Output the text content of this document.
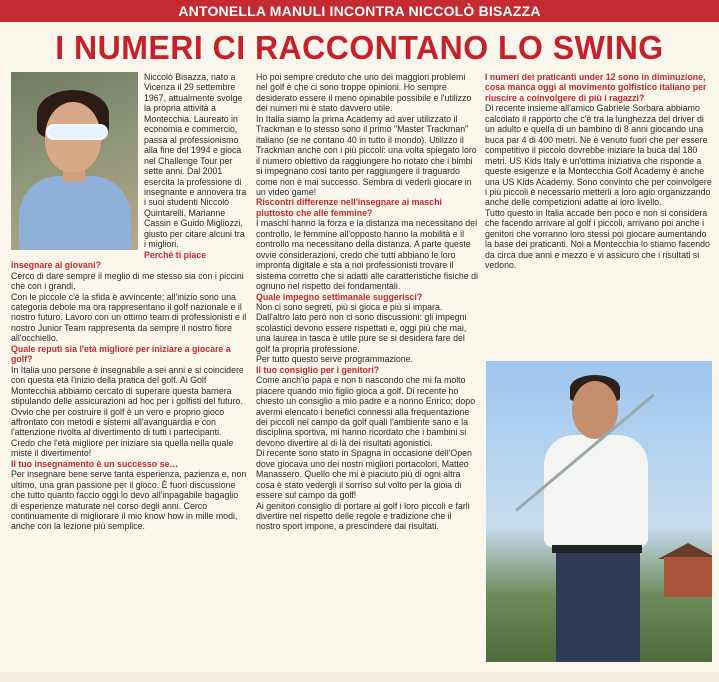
ANTONELLA MANULI INCONTRA NICCOLÒ BISAZZA
I NUMERI CI RACCONTANO LO SWING

Niccolò Bisazza, nato a Vicenza il 29 settembre 1967, attualmente svolge la propria attività a Montecchia. Laureato in economia e commercio, passa al professionismo alla fine del 1994 e gioca nel Challenge Tour per sette anni. Dal 2001 esercita la professione di insegnante e annovera tra i suoi studenti Niccolò Quintarelli, Marianne Cassin e Guido Migliozzi, giusto per citare alcuni tra i migliori.

Perché ti piace insegnare ai giovani?

Cerco di dare sempre il meglio di me stesso sia con i piccini che con i grandi.

Con le piccole c'è la sfida è avvincente; all'inizio sono una categoria debole ma ora rappresentano il golf nazionale e il nostro futuro. Lavoro con un ottimo team di professionisti e il nostro Junior Team rappresenta da sempre il nostro fiore all'occhiello.

Quale reputi sia l'età migliore per iniziare a giocare a golf?

In Italia uno persone è insegnabile a sei anni e si coincidere con questa età l'inizio della pratica del golf. Ai Golf Montecchia abbiamo cercato di superare questa barriera stipulando delle assicurazioni ad hoc per i golfisti del futuro. Ovvio che per costruire il golf è un vero e proprio gioco affrontato con metodi e sistemi all'avanguardia e con l'attenzione rivolta al divertimento di tutti i partecipanti.

Credo che l'età migliore per iniziare sia quella nella quale miste il divertimento!

Il tuo insegnamento è un successo se…

Per insegnare bene serve tanta esperienza, pazienza e, non ultimo, una gran passione per il gioco. È fuori discussione che tutto quanto faccio oggi lo devo all'inpagabile bagaglio di esperienze maturate nel corso degli anni. Cerco continuamente di migliorare il mio know how in mille modi, anche con la lezione più semplice.

Ho poi sempre creduto che uno dei maggiori problemi nel golf è che ci sono troppe opinioni. Ho sempre desiderato essere il meno opinabile possibile e l'utilizzo dei numeri mi è stato davvero utile.

In Italia siamo la prima Academy ad aver utilizzato il Trackman e lo stesso sono il primo "Master Trackman" italiano (se ne contano 40 in tutto il mondo). Utilizzo il Trackman anche con i più piccoli: una volta spiegato loro il numero obiettivo da raggiungere ho notato che i bimbi si impegnano così tanto per raggiungere il traguardo come non è mai successo. Sembra di vederli giocare in un video game!

Riscontri differenze nell'insegnare ai maschi piuttosto che alle femmine?

I maschi hanno la forza e la distanza ma necessitano del controllo, le femmine all'opposto hanno la mobilità e il controllo ma necessitano della distanza. A parte queste ovvie considerazioni, credo che tutti abbiano le loro impronta digitale e sta a noi professionisti trovare il sistema corretto che si adatti alle caratteristiche fisiche di ognuno nel rispetto dei fondamentali.

Quale impegno settimanale suggerisci?

Non ci sono segreti, più si gioca e più si impara. Dall'altro lato però non ci sono discussioni: gli impegni scolastici devono essere rispettati e, oggi più che mai, una laurea in tasca è utile pure se si desidera fare del golf la propria professione.

Per tutto questo serve programmazione.

Il tuo consiglio per i genitori?

Come anch'io papà e non ti nascondo che mi fa molto piacere quando mio figlio gioca a golf. Di recente ho chiesto un consiglio a mio padre e a nonno Enrico; dopo avermi elencato i benefici connessi alla frequentazione dei piccoli nel campo da golf quali l'ambiente sano e la disciplina sportiva, mi hanno ricordato che i bambini si devono divertire al di là dei risultati agonistici.

Di recente sono stato in Spagna in occasione dell'Open dove giocava uno dei nostri migliori portacolori, Matteo Manassero. Quello che mi è piaciuto più di ogni altra cosa è stato vedergli il sorriso sul volto per la gioia di essere sul campo da golf!

Ai genitori consiglio di portare ai golf i loro piccoli e farli divertire nel rispetto delle regole e tradizione che il nostro sport impone, a prescindere dai risultati.

I numeri dei praticanti under 12 sono in diminuzione, cosa manca oggi al movimento golfistico italiano per riuscire a coinvolgere di più i ragazzi?

Di recente insieme all'amico Gabriele Sorbara abbiamo calcolato il rapporto che c'è tra la lunghezza del driver di un adulto e quella di un bambino di 8 anni giocando una buca par 4 di 400 metri. Ne è venuto fuori che per essere competitivo il piccolo dovrebbe iniziare la buca dal 180 metri. US Kids Italy è un'ottima iniziativa che risponde a queste esigenze e la Montecchia Golf Academy è anche una US Kids Academy. Sono convinto che per coinvolgere i più piccoli è necessario metterli a loro agio organizzando anche delle competizioni adatte ai loro livello.

Tutto questo in Italia accade ben poco e non si considera che facendo arrivare al golf i piccoli, arrivano poi anche i genitori che vorranno loro stessi poi giocare aumentando la base dei praticanti. Noi a Montecchia lo stiamo facendo da circa due anni e mezzo e vi assicuro che i risultati si vedono.
